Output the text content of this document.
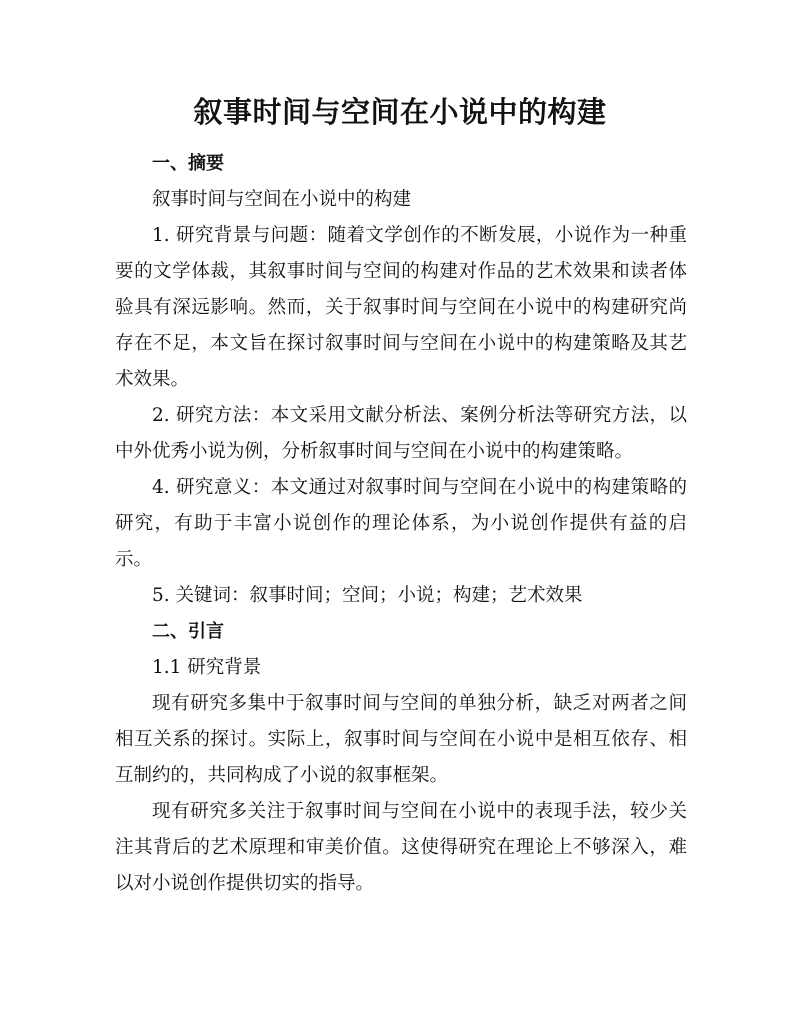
叙事时间与空间在小说中的构建

一、摘要

叙事时间与空间在小说中的构建

1. 研究背景与问题：随着文学创作的不断发展，小说作为一种重要的文学体裁，其叙事时间与空间的构建对作品的艺术效果和读者体验具有深远影响。然而，关于叙事时间与空间在小说中的构建研究尚存在不足，本文旨在探讨叙事时间与空间在小说中的构建策略及其艺术效果。

2. 研究方法：本文采用文献分析法、案例分析法等研究方法，以中外优秀小说为例，分析叙事时间与空间在小说中的构建策略。

4. 研究意义：本文通过对叙事时间与空间在小说中的构建策略的研究，有助于丰富小说创作的理论体系，为小说创作提供有益的启示。

5. 关键词：叙事时间；空间；小说；构建；艺术效果

二、引言

1.1 研究背景

现有研究多集中于叙事时间与空间的单独分析，缺乏对两者之间相互关系的探讨。实际上，叙事时间与空间在小说中是相互依存、相互制约的，共同构成了小说的叙事框架。

现有研究多关注于叙事时间与空间在小说中的表现手法，较少关注其背后的艺术原理和审美价值。这使得研究在理论上不够深入，难以对小说创作提供切实的指导。
